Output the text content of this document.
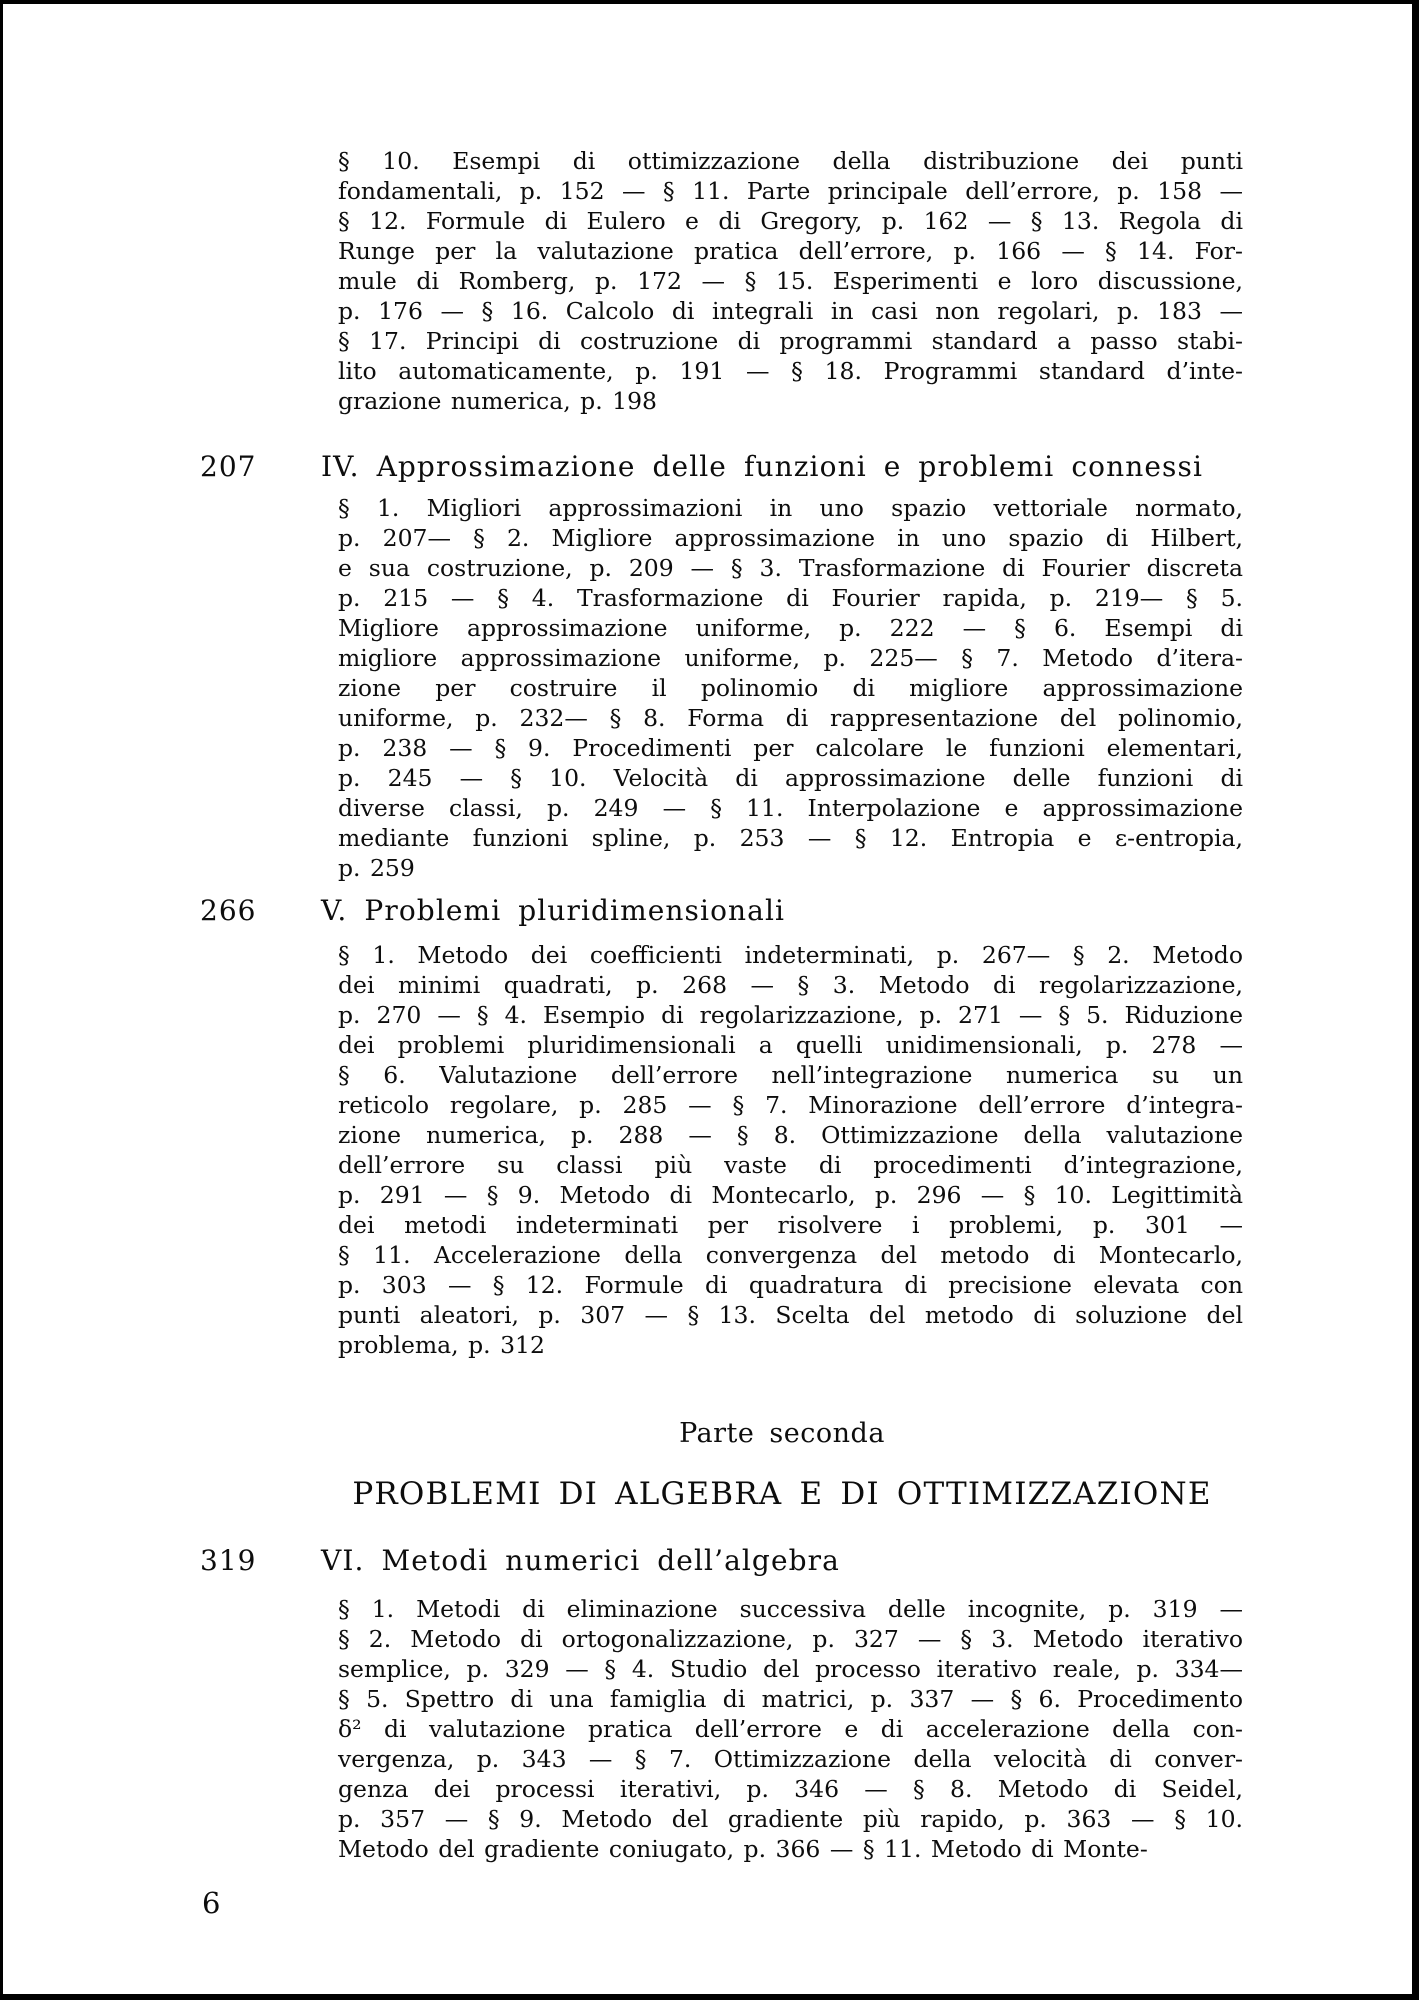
§ 10. Esempi di ottimizzazione della distribuzione dei punti
fondamentali, p. 152 — § 11. Parte principale dell’errore, p. 158 —
§ 12. Formule di Eulero e di Gregory, p. 162 — § 13. Regola di
Runge per la valutazione pratica dell’errore, p. 166 — § 14. For-
mule di Romberg, p. 172 — § 15. Esperimenti e loro discussione,
p. 176 — § 16. Calcolo di integrali in casi non regolari, p. 183 —
§ 17. Principi di costruzione di programmi standard a passo stabi-
lito automaticamente, p. 191 — § 18. Programmi standard d’inte-
grazione numerica, p. 198
207	IV. Approssimazione delle funzioni e problemi connessi
§ 1. Migliori approssimazioni in uno spazio vettoriale normato,
p. 207— § 2. Migliore approssimazione in uno spazio di Hilbert,
e sua costruzione, p. 209 — § 3. Trasformazione di Fourier discreta
p. 215 — § 4. Trasformazione di Fourier rapida, p. 219— § 5.
Migliore approssimazione uniforme, p. 222 — § 6. Esempi di
migliore approssimazione uniforme, p. 225— § 7. Metodo d’itera-
zione per costruire il polinomio di migliore approssimazione
uniforme, p. 232— § 8. Forma di rappresentazione del polinomio,
p. 238 — § 9. Procedimenti per calcolare le funzioni elementari,
p. 245 — § 10. Velocità di approssimazione delle funzioni di
diverse classi, p. 249 — § 11. Interpolazione e approssimazione
mediante funzioni spline, p. 253 — § 12. Entropia e ε-entropia,
p. 259
266	V. Problemi pluridimensionali
§ 1. Metodo dei coefficienti indeterminati, p. 267— § 2. Metodo
dei minimi quadrati, p. 268 — § 3. Metodo di regolarizzazione,
p. 270 — § 4. Esempio di regolarizzazione, p. 271 — § 5. Riduzione
dei problemi pluridimensionali a quelli unidimensionali, p. 278 —
§ 6. Valutazione dell’errore nell’integrazione numerica su un
reticolo regolare, p. 285 — § 7. Minorazione dell’errore d’integra-
zione numerica, p. 288 — § 8. Ottimizzazione della valutazione
dell’errore su classi più vaste di procedimenti d’integrazione,
p. 291 — § 9. Metodo di Montecarlo, p. 296 — § 10. Legittimità
dei metodi indeterminati per risolvere i problemi, p. 301 —
§ 11. Accelerazione della convergenza del metodo di Montecarlo,
p. 303 — § 12. Formule di quadratura di precisione elevata con
punti aleatori, p. 307 — § 13. Scelta del metodo di soluzione del
problema, p. 312
Parte seconda
PROBLEMI DI ALGEBRA E DI OTTIMIZZAZIONE
319	VI. Metodi numerici dell’algebra
§ 1. Metodi di eliminazione successiva delle incognite, p. 319 —
§ 2. Metodo di ortogonalizzazione, p. 327 — § 3. Metodo iterativo
semplice, p. 329 — § 4. Studio del processo iterativo reale, p. 334—
§ 5. Spettro di una famiglia di matrici, p. 337 — § 6. Procedimento
δ² di valutazione pratica dell’errore e di accelerazione della con-
vergenza, p. 343 — § 7. Ottimizzazione della velocità di conver-
genza dei processi iterativi, p. 346 — § 8. Metodo di Seidel,
p. 357 — § 9. Metodo del gradiente più rapido, p. 363 — § 10.
Metodo del gradiente coniugato, p. 366 — § 11. Metodo di Monte-
6
